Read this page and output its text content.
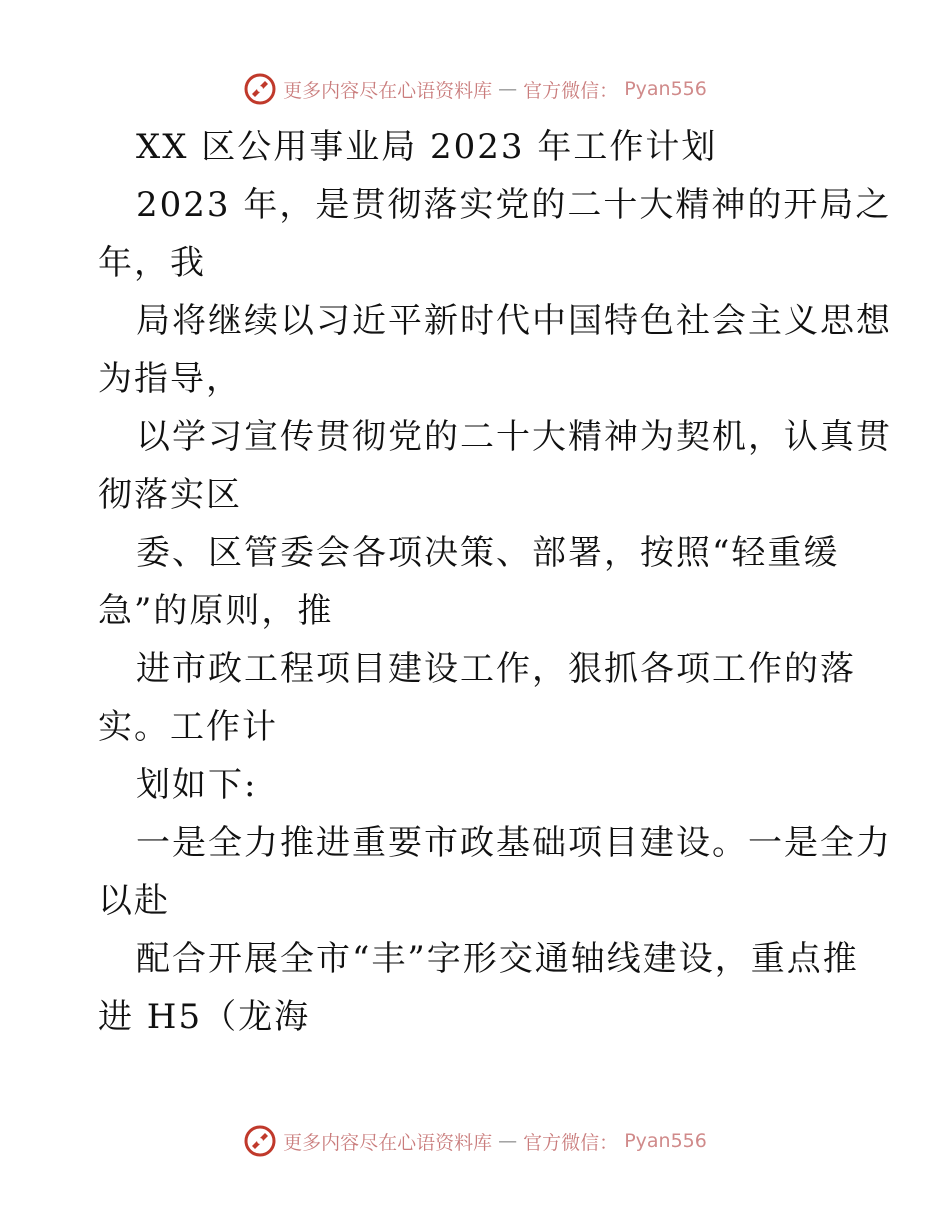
更多内容尽在心语资料库 — 官方微信： Pyan556
XX 区公用事业局 2023 年工作计划
2023 年，是贯彻落实党的二十大精神的开局之
年，我
局将继续以习近平新时代中国特色社会主义思想
为指导，
以学习宣传贯彻党的二十大精神为契机，认真贯
彻落实区
委、区管委会各项决策、部署，按照“轻重缓
急”的原则，推
进市政工程项目建设工作，狠抓各项工作的落
实。工作计
划如下:
一是全力推进重要市政基础项目建设。一是全力
以赴
配合开展全市“丰”字形交通轴线建设，重点推
进 H5（龙海
更多内容尽在心语资料库 — 官方微信： Pyan556
